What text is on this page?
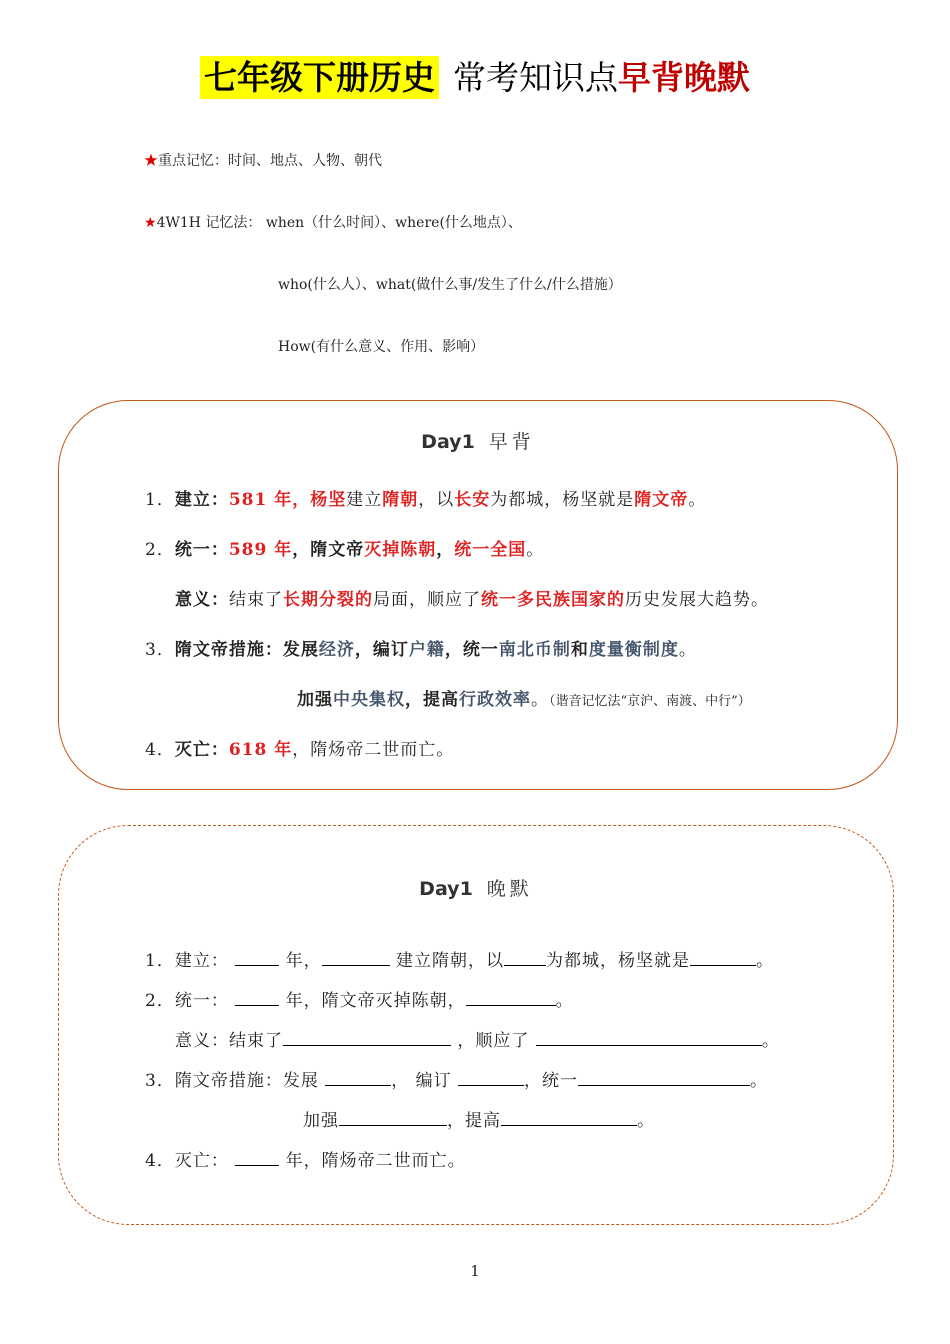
七年级下册历史 常考知识点早背晚默
★重点记忆：时间、地点、人物、朝代
★4W1H 记忆法： when（什么时间）、where(什么地点）、
who(什么人）、what(做什么事/发生了什么/什么措施）
How(有什么意义、作用、影响）
Day1 早背
1．建立：581 年，杨坚建立隋朝，以长安为都城，杨坚就是隋文帝。
2．统一：589 年，隋文帝灭掉陈朝，统一全国。
意义：结束了长期分裂的局面，顺应了统一多民族国家的历史发展大趋势。
3．隋文帝措施：发展经济，编订户籍，统一南北币制和度量衡制度。
加强中央集权，提高行政效率。（谐音记忆法“京沪、南渡、中行”）
4．灭亡：618 年，隋炀帝二世而亡。
Day1 晚默
1．建立：	年，	建立隋朝，以 为都城，杨坚就是	。
2．统一：	年，隋文帝灭掉陈朝，	。
意义：结束了	，顺应了	。
3．隋文帝措施：发展	， 编订	，统一	。
加强	，提高	。
4．灭亡：	年，隋炀帝二世而亡。
1
